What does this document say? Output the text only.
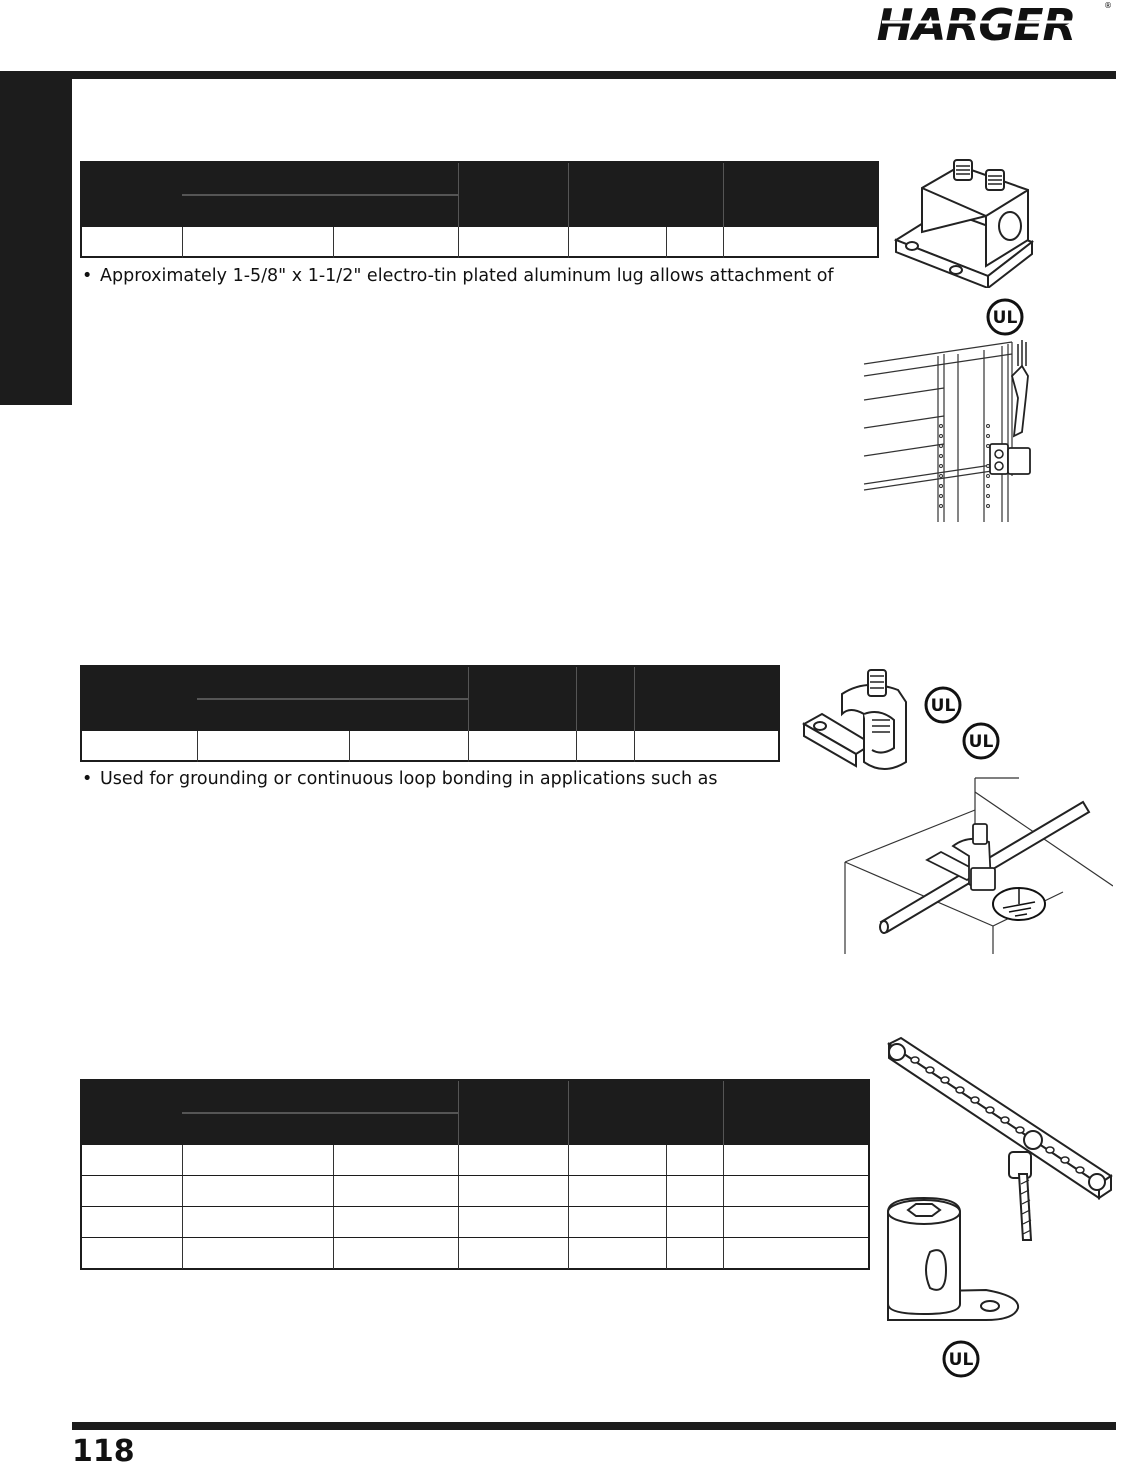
HARGER	®
• Approximately 1-5/8" x 1-1/2" electro-tin plated aluminum lug allows attachment of
UL
• Used for grounding or continuous loop bonding in applications such as
UL
UL
UL
118
